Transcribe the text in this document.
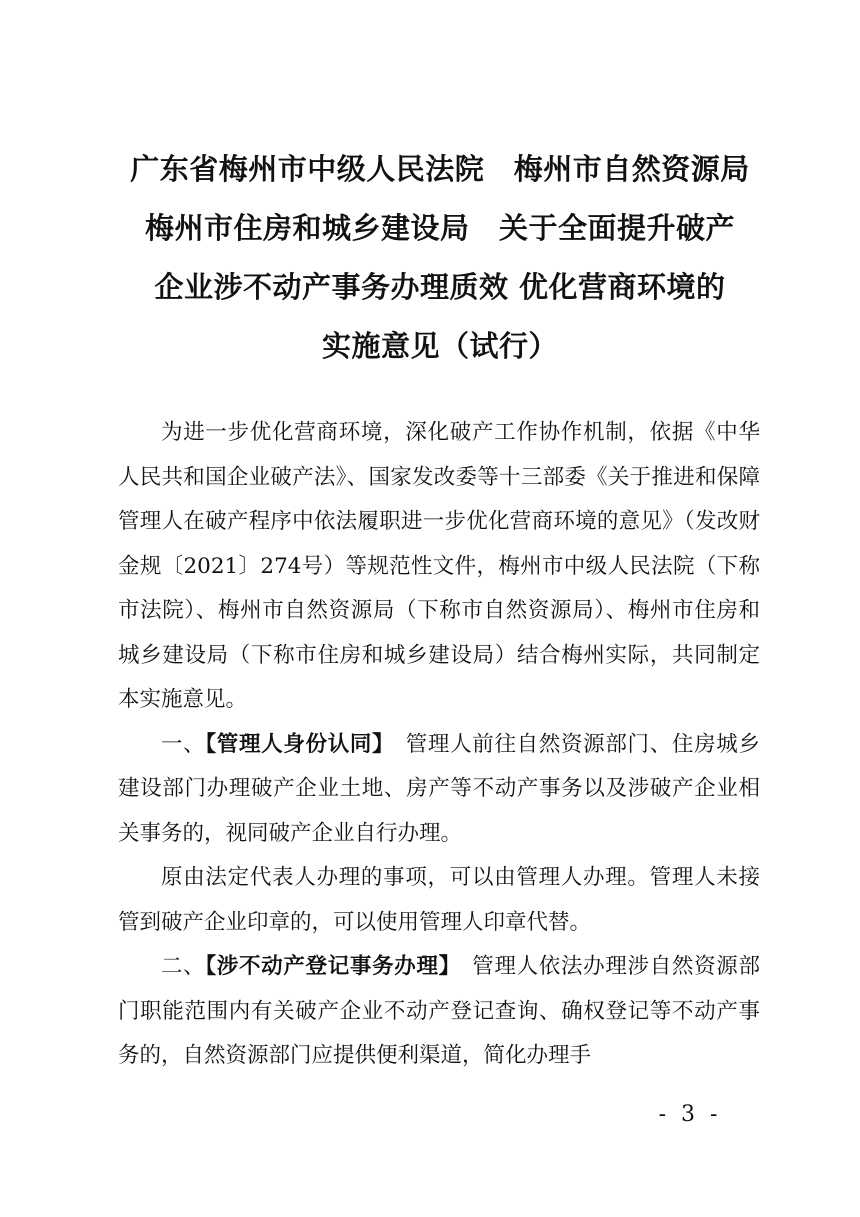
广东省梅州市中级人民法院　梅州市自然资源局
梅州市住房和城乡建设局　关于全面提升破产
企业涉不动产事务办理质效 优化营商环境的
实施意见（试行）

为进一步优化营商环境，深化破产工作协作机制，依据《中华人民共和国企业破产法》、国家发改委等十三部委《关于推进和保障管理人在破产程序中依法履职进一步优化营商环境的意见》（发改财金规〔2021〕274号）等规范性文件，梅州市中级人民法院（下称市法院）、梅州市自然资源局（下称市自然资源局）、梅州市住房和城乡建设局（下称市住房和城乡建设局）结合梅州实际，共同制定本实施意见。

一、【管理人身份认同】　管理人前往自然资源部门、住房城乡建设部门办理破产企业土地、房产等不动产事务以及涉破产企业相关事务的，视同破产企业自行办理。

原由法定代表人办理的事项，可以由管理人办理。管理人未接管到破产企业印章的，可以使用管理人印章代替。

二、【涉不动产登记事务办理】　管理人依法办理涉自然资源部门职能范围内有关破产企业不动产登记查询、确权登记等不动产事务的，自然资源部门应提供便利渠道，简化办理手

- 3 -
